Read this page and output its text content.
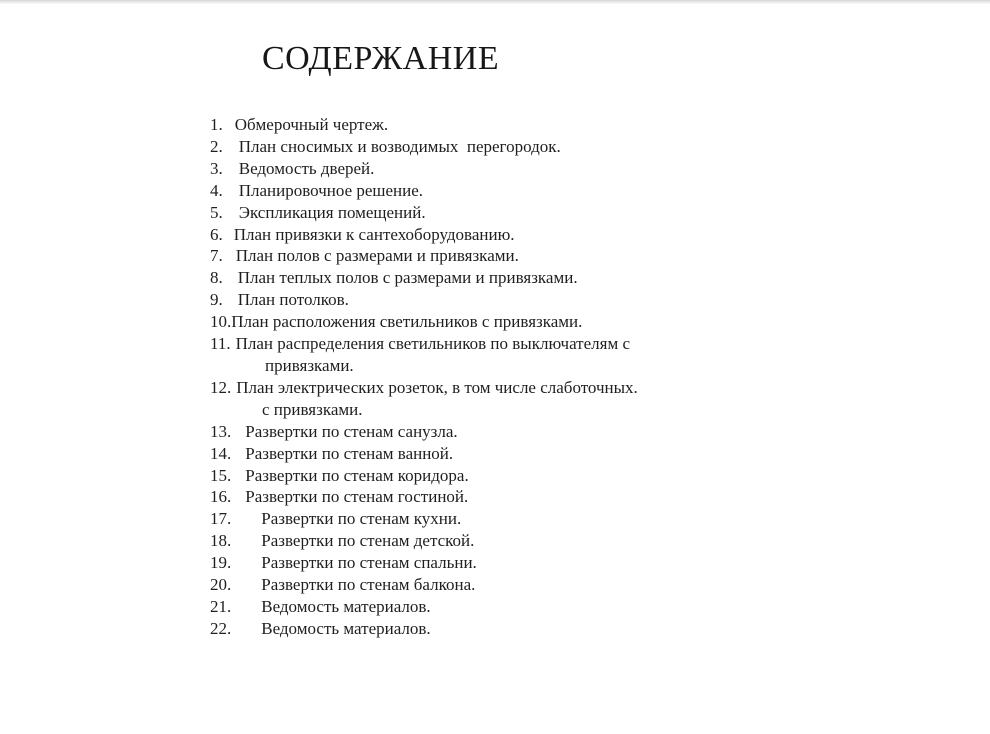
СОДЕРЖАНИЕ
1. Обмерочный чертеж.
2. План сносимых и возводимых  перегородок.
3. Ведомость дверей.
4. Планировочное решение.
5. Экспликация помещений.
6. План привязки к сантехоборудованию.
7. План полов с размерами и привязками.
8. План теплых полов с размерами и привязками.
9. План потолков.
10. План расположения светильников с привязками.
11. План распределения светильников по выключателям с
привязками.
12. План электрических розеток, в том числе слаботочных.
с привязками.
13. Развертки по стенам санузла.
14. Развертки по стенам ванной.
15. Развертки по стенам коридора.
16. Развертки по стенам гостиной.
17. Развертки по стенам кухни.
18. Развертки по стенам детской.
19. Развертки по стенам спальни.
20. Развертки по стенам балкона.
21. Ведомость материалов.
22. Ведомость материалов.
